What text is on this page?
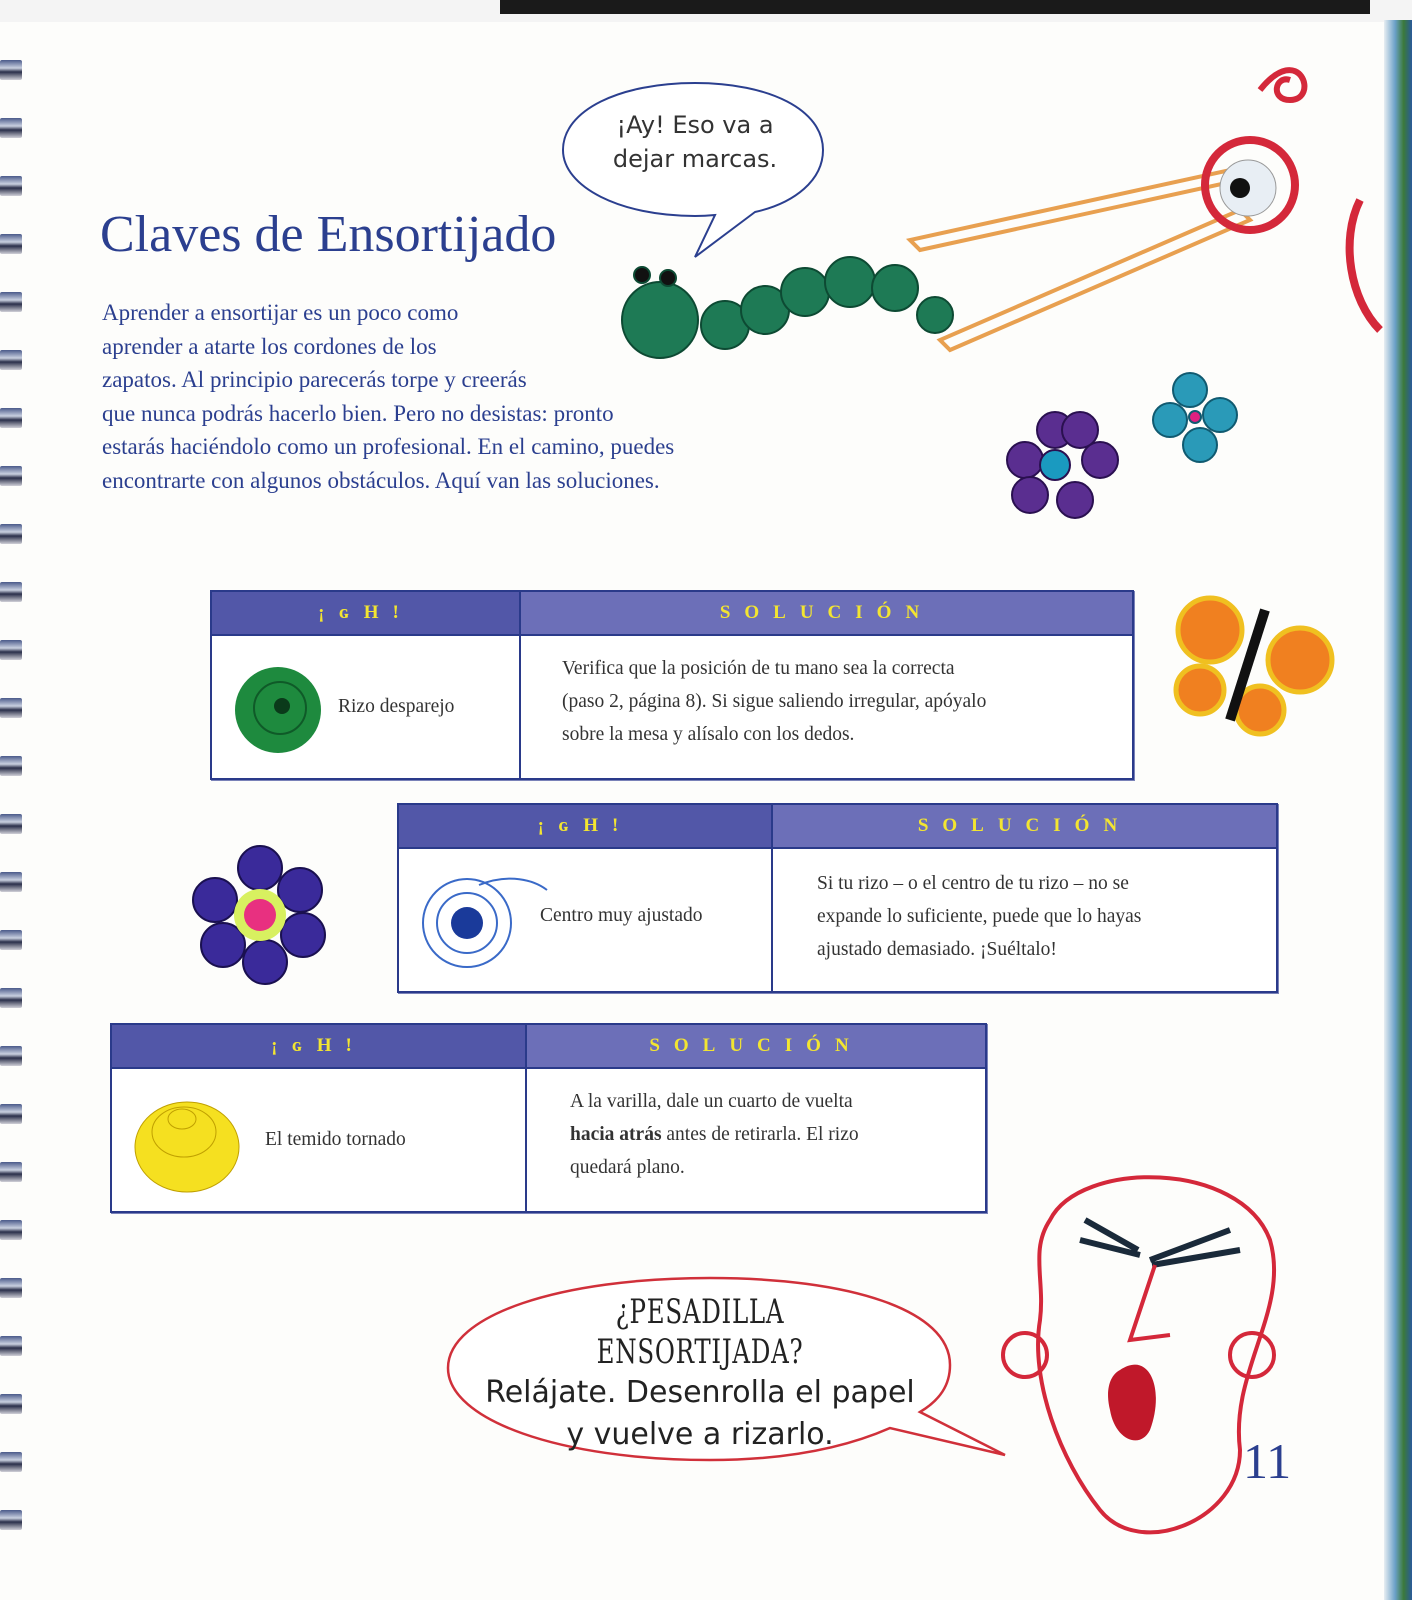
¡Ay! Eso va a
dejar marcas.
Claves de Ensortijado

Aprender a ensortijar es un poco como
aprender a atarte los cordones de los
zapatos. Al principio parecerás torpe y creerás
que nunca podrás hacerlo bien. Pero no desistas: pronto
estarás haciéndolo como un profesional. En el camino, puedes
encontrarte con algunos obstáculos. Aquí van las soluciones.

¡ɢH!	SOLUCIÓN
Rizo desparejo
Verifica que la posición de tu mano sea la correcta
(paso 2, página 8). Si sigue saliendo irregular, apóyalo
sobre la mesa y alísalo con los dedos.
¡ɢH!	SOLUCIÓN
Centro muy ajustado
Si tu rizo – o el centro de tu rizo – no se
expande lo suficiente, puede que lo hayas
ajustado demasiado. ¡Suéltalo!
¡ɢH!	SOLUCIÓN
El temido tornado
A la varilla, dale un cuarto de vuelta
hacia atrás antes de retirarla. El rizo
quedará plano.
¿PESADILLA ENSORTIJADA?
Relájate. Desenrolla el papel
y vuelve a rizarlo.	11
